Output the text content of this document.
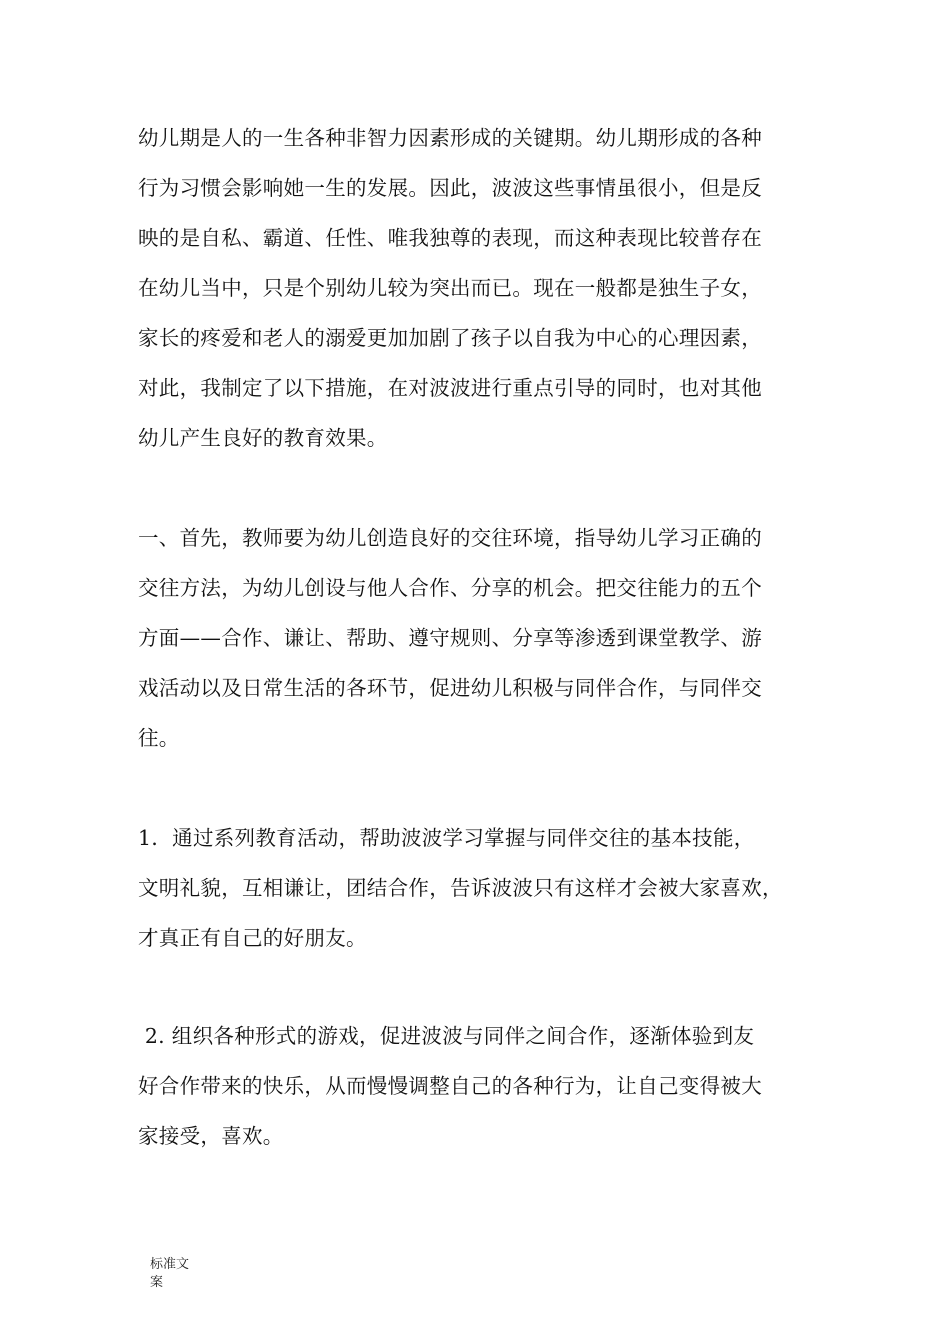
幼儿期是人的一生各种非智力因素形成的关键期。幼儿期形成的各种
行为习惯会影响她一生的发展。因此，波波这些事情虽很小，但是反
映的是自私、霸道、任性、唯我独尊的表现，而这种表现比较普存在
在幼儿当中，只是个别幼儿较为突出而已。现在一般都是独生子女，
家长的疼爱和老人的溺爱更加加剧了孩子以自我为中心的心理因素，
对此，我制定了以下措施，在对波波进行重点引导的同时，也对其他
幼儿产生良好的教育效果。
一、首先，教师要为幼儿创造良好的交往环境，指导幼儿学习正确的
交往方法，为幼儿创设与他人合作、分享的机会。把交往能力的五个
方面——合作、谦让、帮助、遵守规则、分享等渗透到课堂教学、游
戏活动以及日常生活的各环节，促进幼儿积极与同伴合作，与同伴交
往。
1．通过系列教育活动，帮助波波学习掌握与同伴交往的基本技能，
文明礼貌，互相谦让，团结合作，告诉波波只有这样才会被大家喜欢，
才真正有自己的好朋友。
2. 组织各种形式的游戏，促进波波与同伴之间合作，逐渐体验到友
好合作带来的快乐，从而慢慢调整自己的各种行为，让自己变得被大
家接受，喜欢。
标准文
案
